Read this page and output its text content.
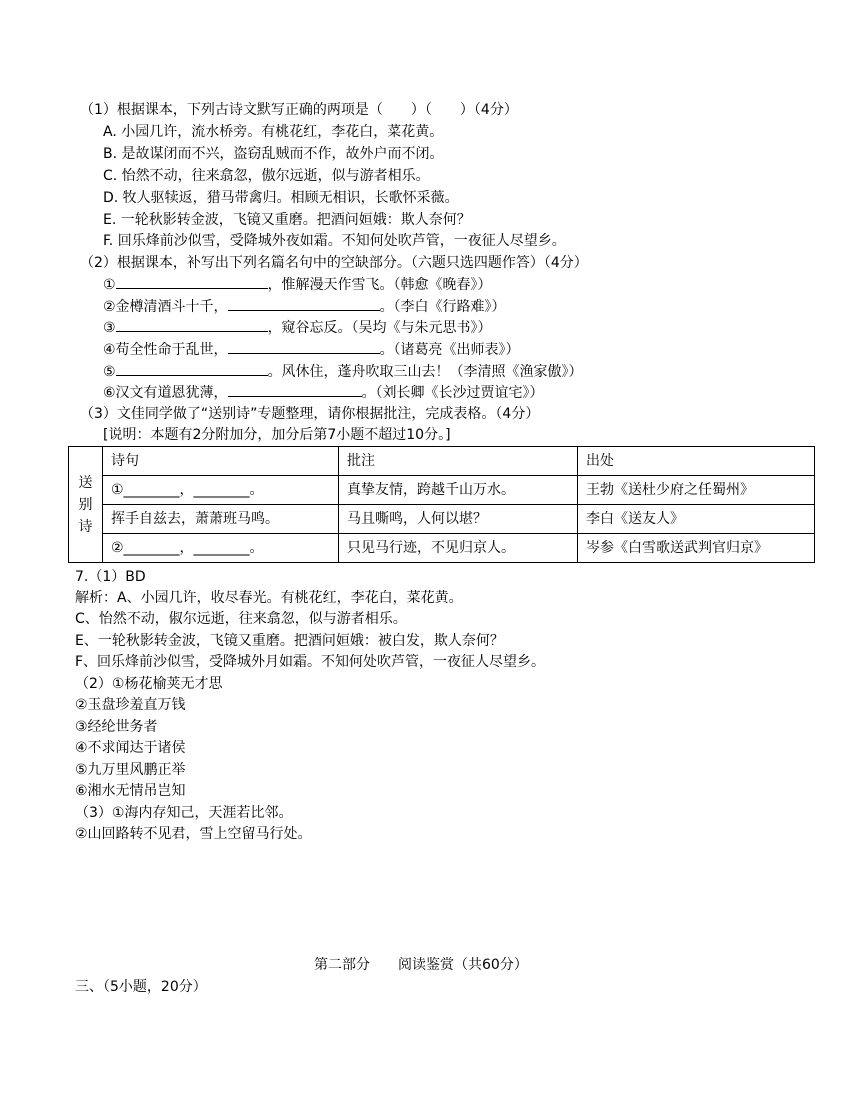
（1）根据课本，下列古诗文默写正确的两项是（　　）（　　）（4分）
A. 小园几许，流水桥旁。有桃花红，李花白，菜花黄。
B. 是故谋闭而不兴，盗窃乱贼而不作，故外户而不闭。
C. 怡然不动，往来翕忽，傲尔远逝，似与游者相乐。
D. 牧人驱犊返，猎马带禽归。相顾无相识，长歌怀采薇。
E. 一轮秋影转金波，飞镜又重磨。把酒问姮娥：欺人奈何？
F. 回乐烽前沙似雪，受降城外夜如霜。不知何处吹芦管，一夜征人尽望乡。
（2）根据课本，补写出下列名篇名句中的空缺部分。（六题只选四题作答）（4分）
①	，惟解漫天作雪飞。（韩愈《晚春》）
②金樽清酒斗十千，	。（李白《行路难》）
③	，窥谷忘反。（吴均《与朱元思书》）
④苟全性命于乱世，	。（诸葛亮《出师表》）
⑤	。风休住，蓬舟吹取三山去！（李清照《渔家傲》）
⑥汉文有道恩犹薄，	。（刘长卿《长沙过贾谊宅》）
（3）文佳同学做了“送别诗”专题整理，请你根据批注，完成表格。（4分）
[说明：本题有2分附加分，加分后第7小题不超过10分。]
送别诗	诗句	批注	出处
	①________，________。	真挚友情，跨越千山万水。	王勃《送杜少府之任蜀州》
	挥手自兹去，萧萧班马鸣。	马且嘶鸣，人何以堪？	李白《送友人》
	②________，________。	只见马行迹，不见归京人。	岑参《白雪歌送武判官归京》
7.（1）BD
解析：A、小园几许，收尽春光。有桃花红，李花白，菜花黄。
C、怡然不动，俶尔远逝，往来翕忽，似与游者相乐。
E、一轮秋影转金波，飞镜又重磨。把酒问姮娥：被白发，欺人奈何？
F、回乐烽前沙似雪，受降城外月如霜。不知何处吹芦管，一夜征人尽望乡。
（2）①杨花榆荚无才思
②玉盘珍羞直万钱
③经纶世务者
④不求闻达于诸侯
⑤九万里风鹏正举
⑥湘水无情吊岂知
（3）①海内存知己，天涯若比邻。
②山回路转不见君，雪上空留马行处。
第二部分　　阅读鉴赏（共60分）
三、（5小题，20分）
